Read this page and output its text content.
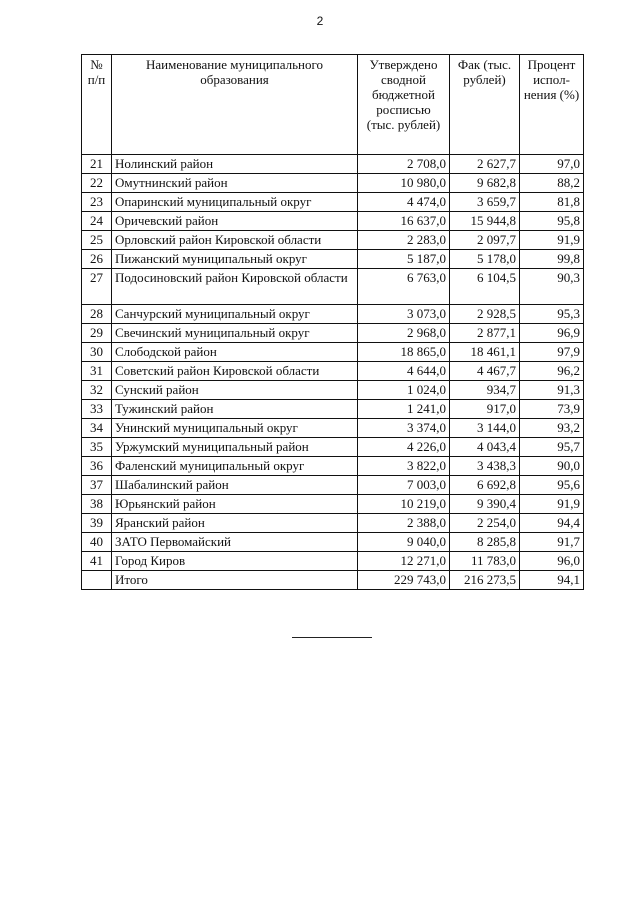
2
№ п/п	Наименование муниципального образования	Утверждено сводной бюджетной росписью (тыс. рублей)	Фак (тыс. рублей)	Процент испол-нения (%)
21	Нолинский район	2 708,0	2 627,7	97,0
22	Омутнинский район	10 980,0	9 682,8	88,2
23	Опаринский муниципальный округ	4 474,0	3 659,7	81,8
24	Оричевский район	16 637,0	15 944,8	95,8
25	Орловский район Кировской области	2 283,0	2 097,7	91,9
26	Пижанский муниципальный округ	5 187,0	5 178,0	99,8
27	Подосиновский район Кировской области	6 763,0	6 104,5	90,3
28	Санчурский муниципальный округ	3 073,0	2 928,5	95,3
29	Свечинский муниципальный округ	2 968,0	2 877,1	96,9
30	Слободской район	18 865,0	18 461,1	97,9
31	Советский район Кировской области	4 644,0	4 467,7	96,2
32	Сунский район	1 024,0	934,7	91,3
33	Тужинский район	1 241,0	917,0	73,9
34	Унинский муниципальный округ	3 374,0	3 144,0	93,2
35	Уржумский муниципальный район	4 226,0	4 043,4	95,7
36	Фаленский муниципальный округ	3 822,0	3 438,3	90,0
37	Шабалинский район	7 003,0	6 692,8	95,6
38	Юрьянский район	10 219,0	9 390,4	91,9
39	Яранский район	2 388,0	2 254,0	94,4
40	ЗАТО Первомайский	9 040,0	8 285,8	91,7
41	Город Киров	12 271,0	11 783,0	96,0
	Итого	229 743,0	216 273,5	94,1
